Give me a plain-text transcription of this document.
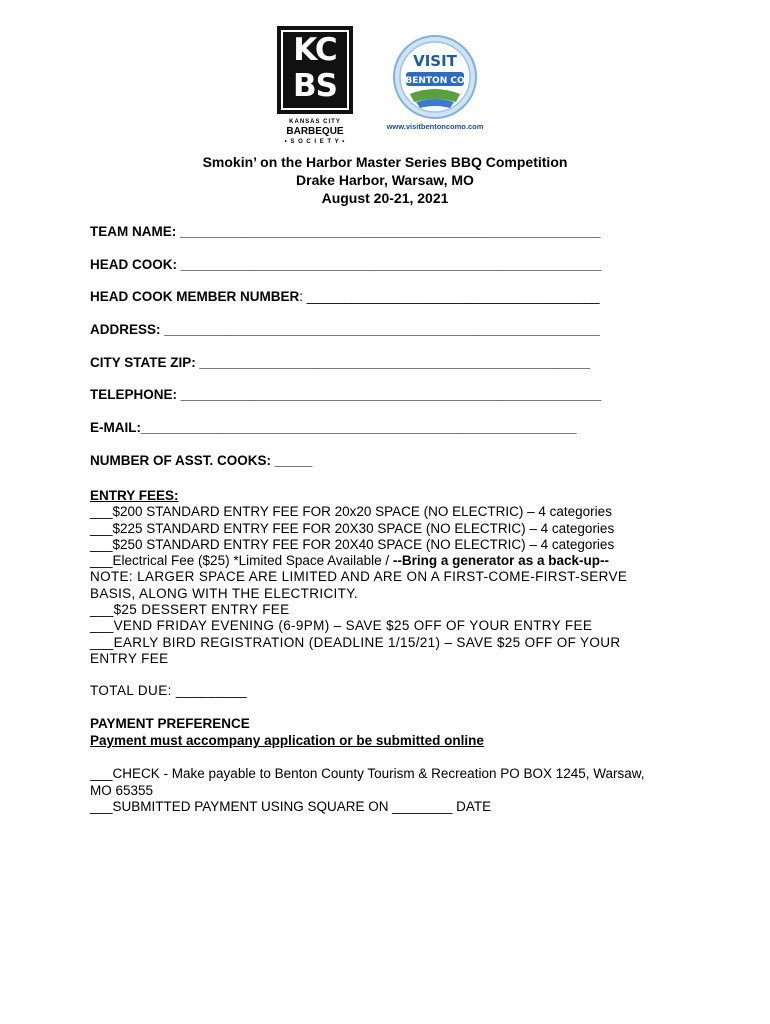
KC
BS
KANSAS CITY
BARBEQUE
• S O C I E T Y •
VISIT
BENTON CO
www.visitbentoncomo.com
Smokin’ on the Harbor Master Series BBQ Competition
Drake Harbor, Warsaw, MO
August 20-21, 2021
TEAM NAME: ________________________________________________________
HEAD COOK: ________________________________________________________
HEAD COOK MEMBER NUMBER: _______________________________________
ADDRESS: __________________________________________________________
CITY STATE ZIP: ____________________________________________________
TELEPHONE: ________________________________________________________
E-MAIL:__________________________________________________________
NUMBER OF ASST. COOKS: _____
ENTRY FEES:
___$200 STANDARD ENTRY FEE FOR 20x20 SPACE (NO ELECTRIC) – 4 categories
___$225 STANDARD ENTRY FEE FOR 20X30 SPACE (NO ELECTRIC) – 4 categories
___$250 STANDARD ENTRY FEE FOR 20X40 SPACE (NO ELECTRIC) – 4 categories
___Electrical Fee ($25) *Limited Space Available / --Bring a generator as a back-up--
NOTE: LARGER SPACE ARE LIMITED AND ARE ON A FIRST-COME-FIRST-SERVE
BASIS, ALONG WITH THE ELECTRICITY.
___$25 DESSERT ENTRY FEE
___VEND FRIDAY EVENING (6-9PM) – SAVE $25 OFF OF YOUR ENTRY FEE
___EARLY BIRD REGISTRATION (DEADLINE 1/15/21) – SAVE $25 OFF OF YOUR
ENTRY FEE
TOTAL DUE: _________
PAYMENT PREFERENCE
Payment must accompany application or be submitted online
___CHECK - Make payable to Benton County Tourism & Recreation PO BOX 1245, Warsaw,
MO 65355
___SUBMITTED PAYMENT USING SQUARE ON ________ DATE
